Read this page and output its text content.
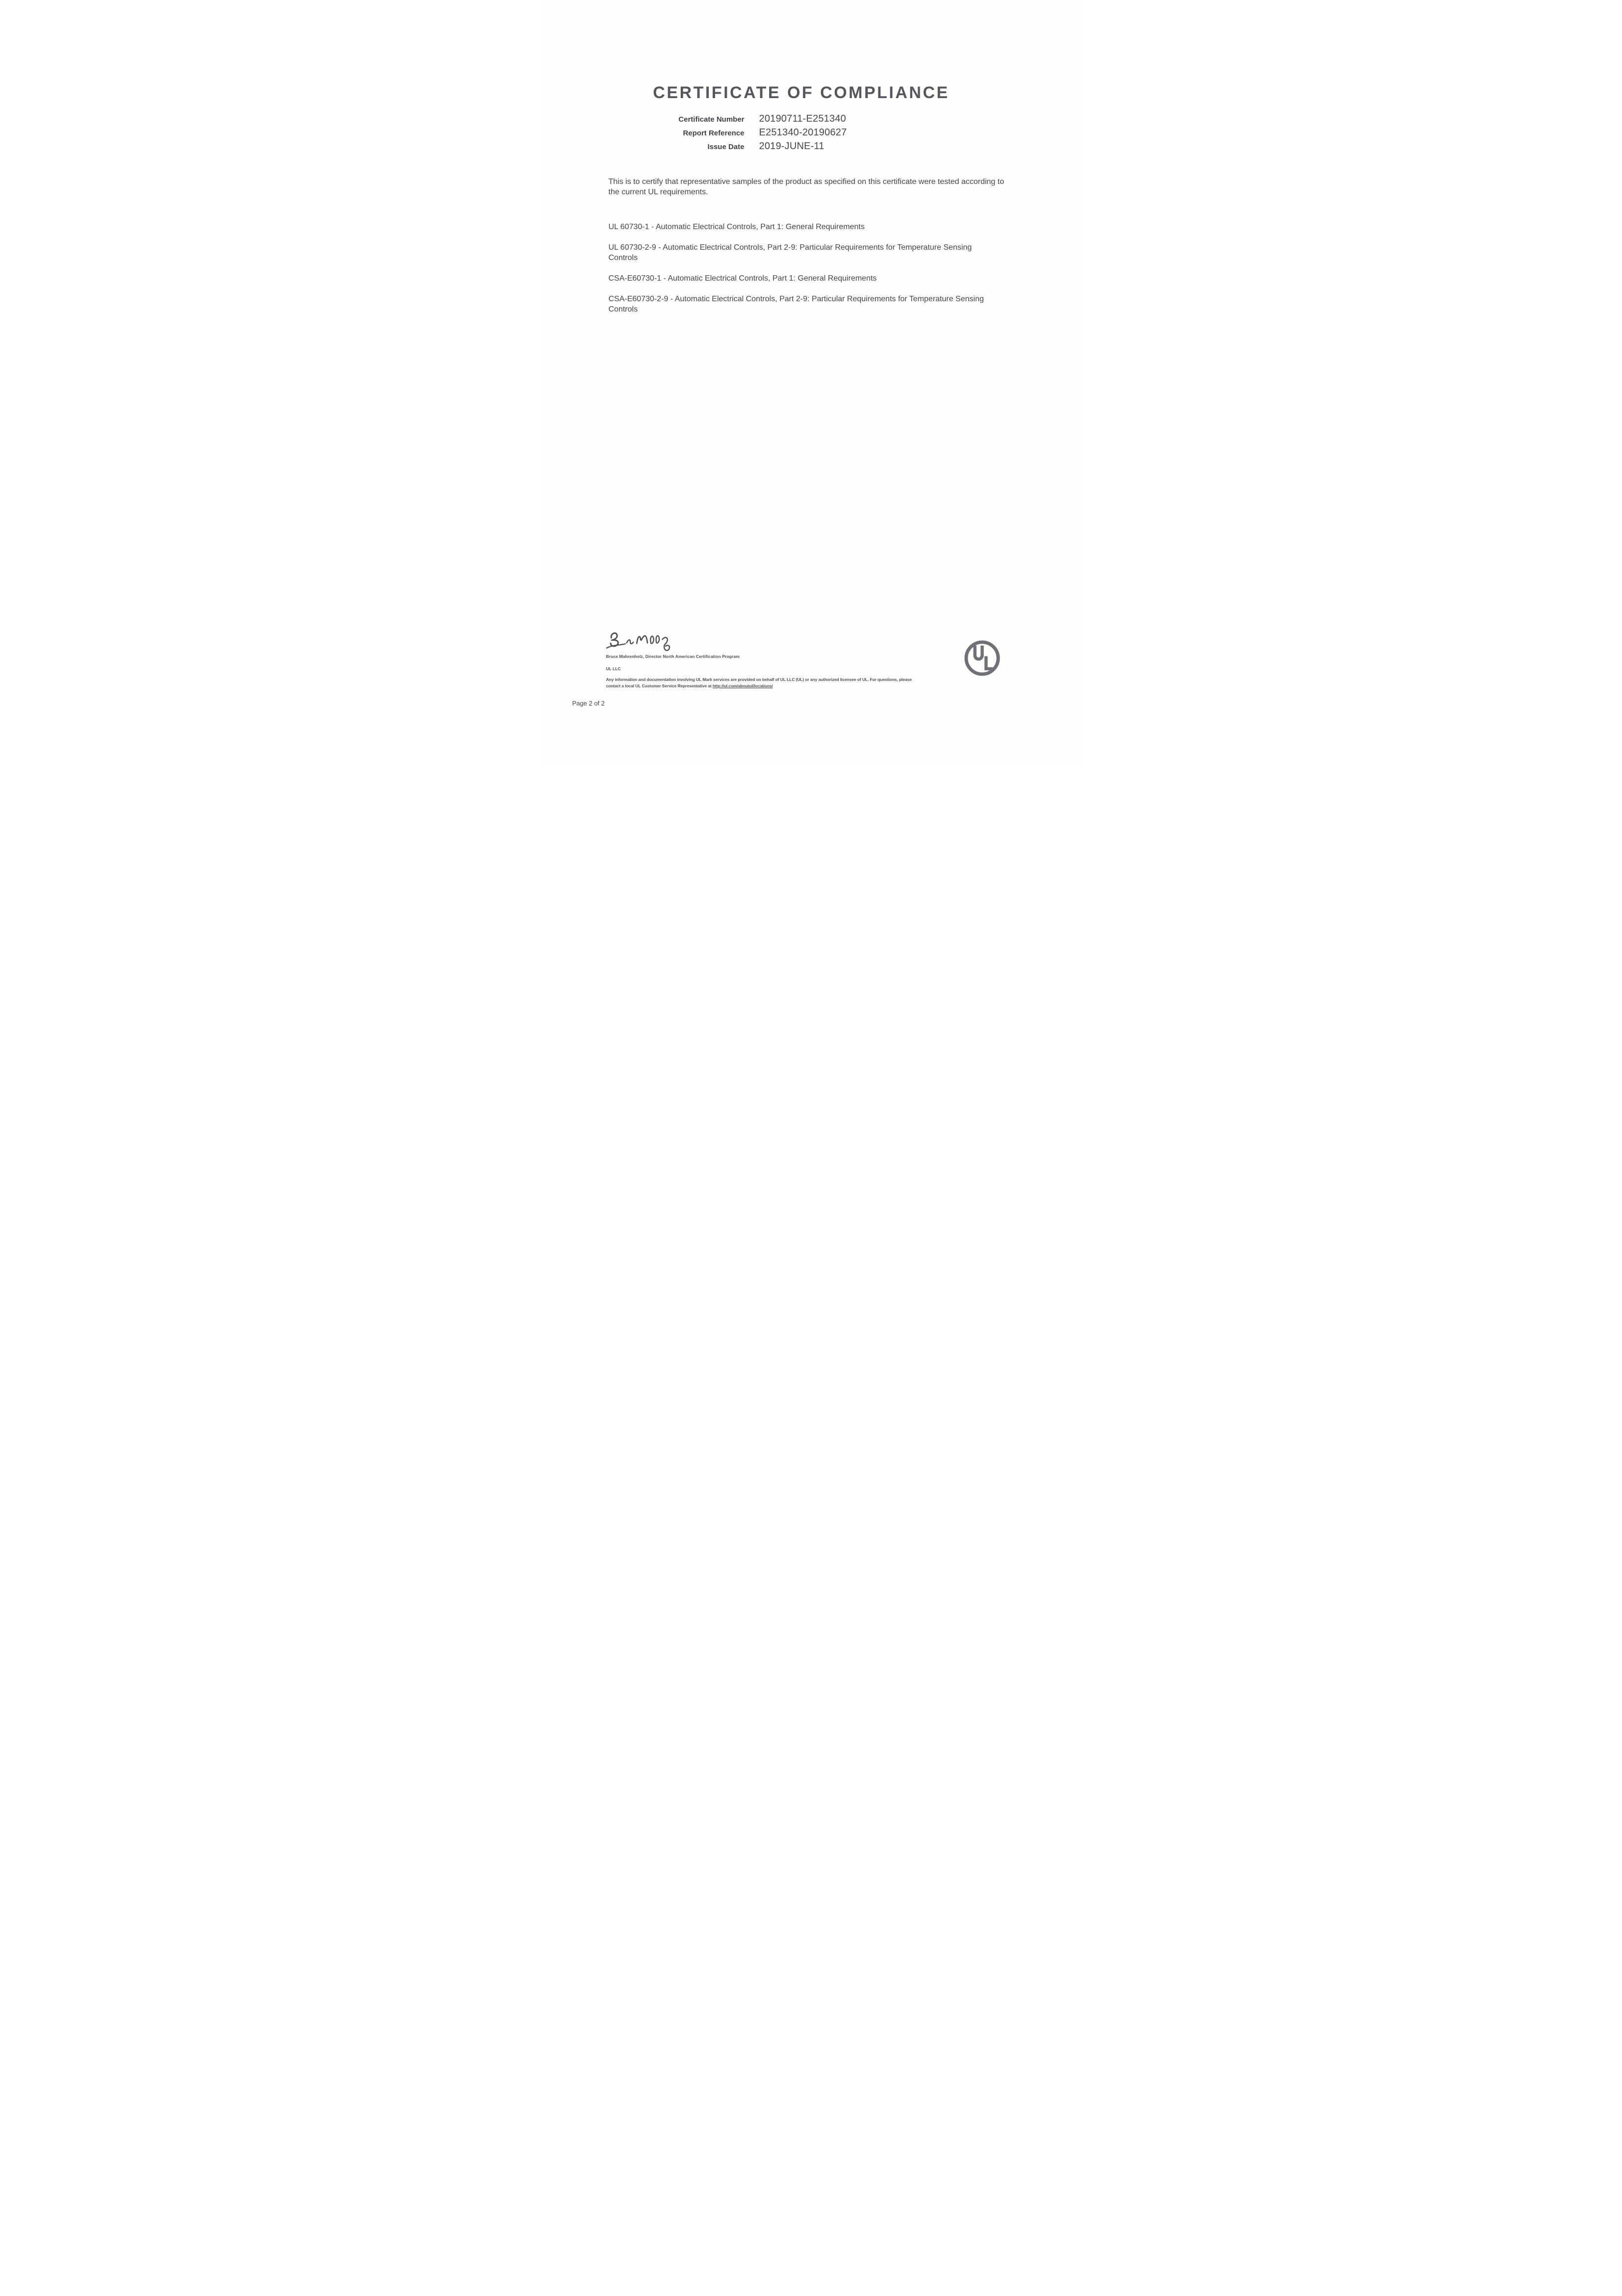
CERTIFICATE OF COMPLIANCE
Certificate Number 20190711-E251340
Report Reference E251340-20190627
Issue Date 2019-JUNE-11

This is to certify that representative samples of the product as specified on this certificate were tested according to the current UL requirements.

UL 60730-1 - Automatic Electrical Controls, Part 1: General Requirements

UL 60730-2-9 - Automatic Electrical Controls, Part 2-9: Particular Requirements for Temperature Sensing Controls

CSA-E60730-1 - Automatic Electrical Controls, Part 1: General Requirements

CSA-E60730-2-9 - Automatic Electrical Controls, Part 2-9: Particular Requirements for Temperature Sensing Controls

Bruce Mahrenholz, Director North American Certification Program
UL LLC

Any information and documentation involving UL Mark services are provided on behalf of UL LLC (UL) or any authorized licensee of UL. For questions, please
contact a local UL Customer Service Representative at http://ul.com/aboutul/locations/

Page 2 of 2
